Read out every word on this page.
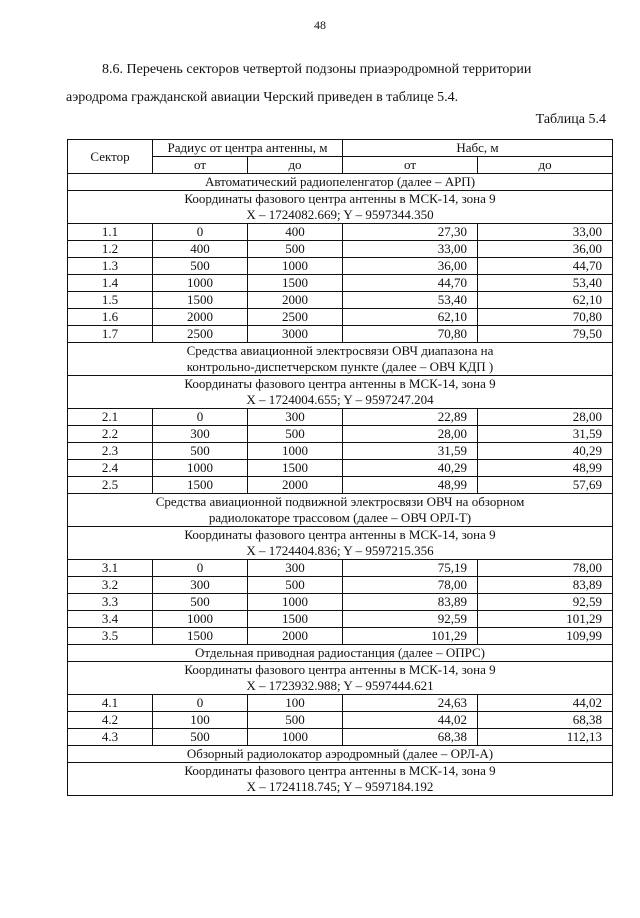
48
8.6. Перечень секторов четвертой подзоны приаэродромной территории
аэродрома гражданской авиации Черский приведен в таблице 5.4.
Таблица 5.4
Сектор	Радиус от центра антенны, м		Набс, м	
	от	до	от	до

Автоматический радиопеленгатор (далее – АРП)				

Координаты фазового центра антенны в МСК-14, зона 9
X – 1724082.669; Y – 9597344.350				

1.1	0	400	27,30	33,00
1.2	400	500	33,00	36,00
1.3	500	1000	36,00	44,70
1.4	1000	1500	44,70	53,40
1.5	1500	2000	53,40	62,10
1.6	2000	2500	62,10	70,80
1.7	2500	3000	70,80	79,50

Средства авиационной электросвязи ОВЧ диапазона на
контрольно-диспетчерском пункте (далее – ОВЧ КДП )				

Координаты фазового центра антенны в МСК-14, зона 9
X – 1724004.655; Y – 9597247.204				

2.1	0	300	22,89	28,00
2.2	300	500	28,00	31,59
2.3	500	1000	31,59	40,29
2.4	1000	1500	40,29	48,99
2.5	1500	2000	48,99	57,69

Средства авиационной подвижной электросвязи ОВЧ на обзорном
радиолокаторе трассовом (далее – ОВЧ ОРЛ-Т)				

Координаты фазового центра антенны в МСК-14, зона 9
X – 1724404.836; Y – 9597215.356				

3.1	0	300	75,19	78,00
3.2	300	500	78,00	83,89
3.3	500	1000	83,89	92,59
3.4	1000	1500	92,59	101,29
3.5	1500	2000	101,29	109,99

Отдельная приводная радиостанция (далее – ОПРС)				

Координаты фазового центра антенны в МСК-14, зона 9
X – 1723932.988; Y – 9597444.621				

4.1	0	100	24,63	44,02
4.2	100	500	44,02	68,38
4.3	500	1000	68,38	112,13

Обзорный радиолокатор аэродромный (далее – ОРЛ-А)				

Координаты фазового центра антенны в МСК-14, зона 9
X – 1724118.745; Y – 9597184.192				
